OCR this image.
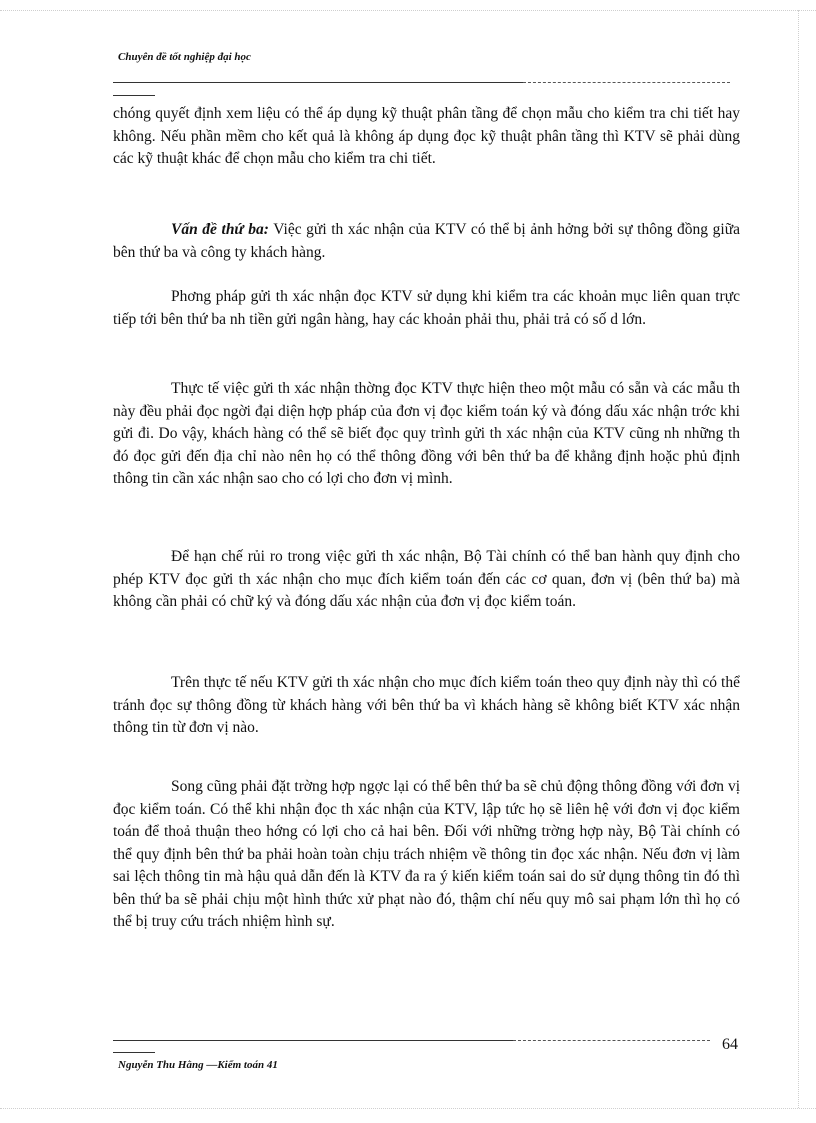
Chuyên đề tốt nghiệp đại học

chóng quyết định xem liệu có thể áp dụng kỹ thuật phân tầng để chọn mẫu cho kiểm tra chi tiết hay không. Nếu phần mềm cho kết quả là không áp dụng đọc kỹ thuật phân tầng thì KTV sẽ phải dùng các kỹ thuật khác để chọn mẫu cho kiểm tra chi tiết.

Vấn đề thứ ba: Việc gửi th xác nhận của KTV có thể bị ảnh hởng bởi sự thông đồng giữa bên thứ ba và công ty khách hàng.

Phơng pháp gửi th xác nhận đọc KTV sử dụng khi kiểm tra các khoản mục liên quan trực tiếp tới bên thứ ba nh tiền gửi ngân hàng, hay các khoản phải thu, phải trả có số d lớn.

Thực tế việc gửi th xác nhận thờng đọc KTV thực hiện theo một mẫu có sẵn và các mẫu th này đều phải đọc ngời đại diện hợp pháp của đơn vị đọc kiểm toán ký và đóng dấu xác nhận trớc khi gửi đi. Do vậy, khách hàng có thể sẽ biết đọc quy trình gửi th xác nhận của KTV cũng nh những th đó đọc gửi đến địa chỉ nào nên họ có thể thông đồng với bên thứ ba để khẳng định hoặc phủ định thông tin cần xác nhận sao cho có lợi cho đơn vị mình.

Để hạn chế rủi ro trong việc gửi th xác nhận, Bộ Tài chính có thể ban hành quy định cho phép KTV đọc gửi th xác nhận cho mục đích kiểm toán đến các cơ quan, đơn vị (bên thứ ba) mà không cần phải có chữ ký và đóng dấu xác nhận của đơn vị đọc kiểm toán.

Trên thực tế nếu KTV gửi th xác nhận cho mục đích kiểm toán theo quy định này thì có thể tránh đọc sự thông đồng từ khách hàng với bên thứ ba vì khách hàng sẽ không biết KTV xác nhận thông tin từ đơn vị nào.

Song cũng phải đặt trờng hợp ngợc lại có thể bên thứ ba sẽ chủ động thông đồng với đơn vị đọc kiểm toán. Có thể khi nhận đọc th xác nhận của KTV, lập tức họ sẽ liên hệ với đơn vị đọc kiểm toán để thoả thuận theo hớng có lợi cho cả hai bên. Đối với những trờng hợp này, Bộ Tài chính có thể quy định bên thứ ba phải hoàn toàn chịu trách nhiệm về thông tin đọc xác nhận. Nếu đơn vị làm sai lệch thông tin mà hậu quả dẫn đến là KTV đa ra ý kiến kiểm toán sai do sử dụng thông tin đó thì bên thứ ba sẽ phải chịu một hình thức xử phạt nào đó, thậm chí nếu quy mô sai phạm lớn thì họ có thể bị truy cứu trách nhiệm hình sự.

64
Nguyễn Thu Hằng —Kiểm toán 41
